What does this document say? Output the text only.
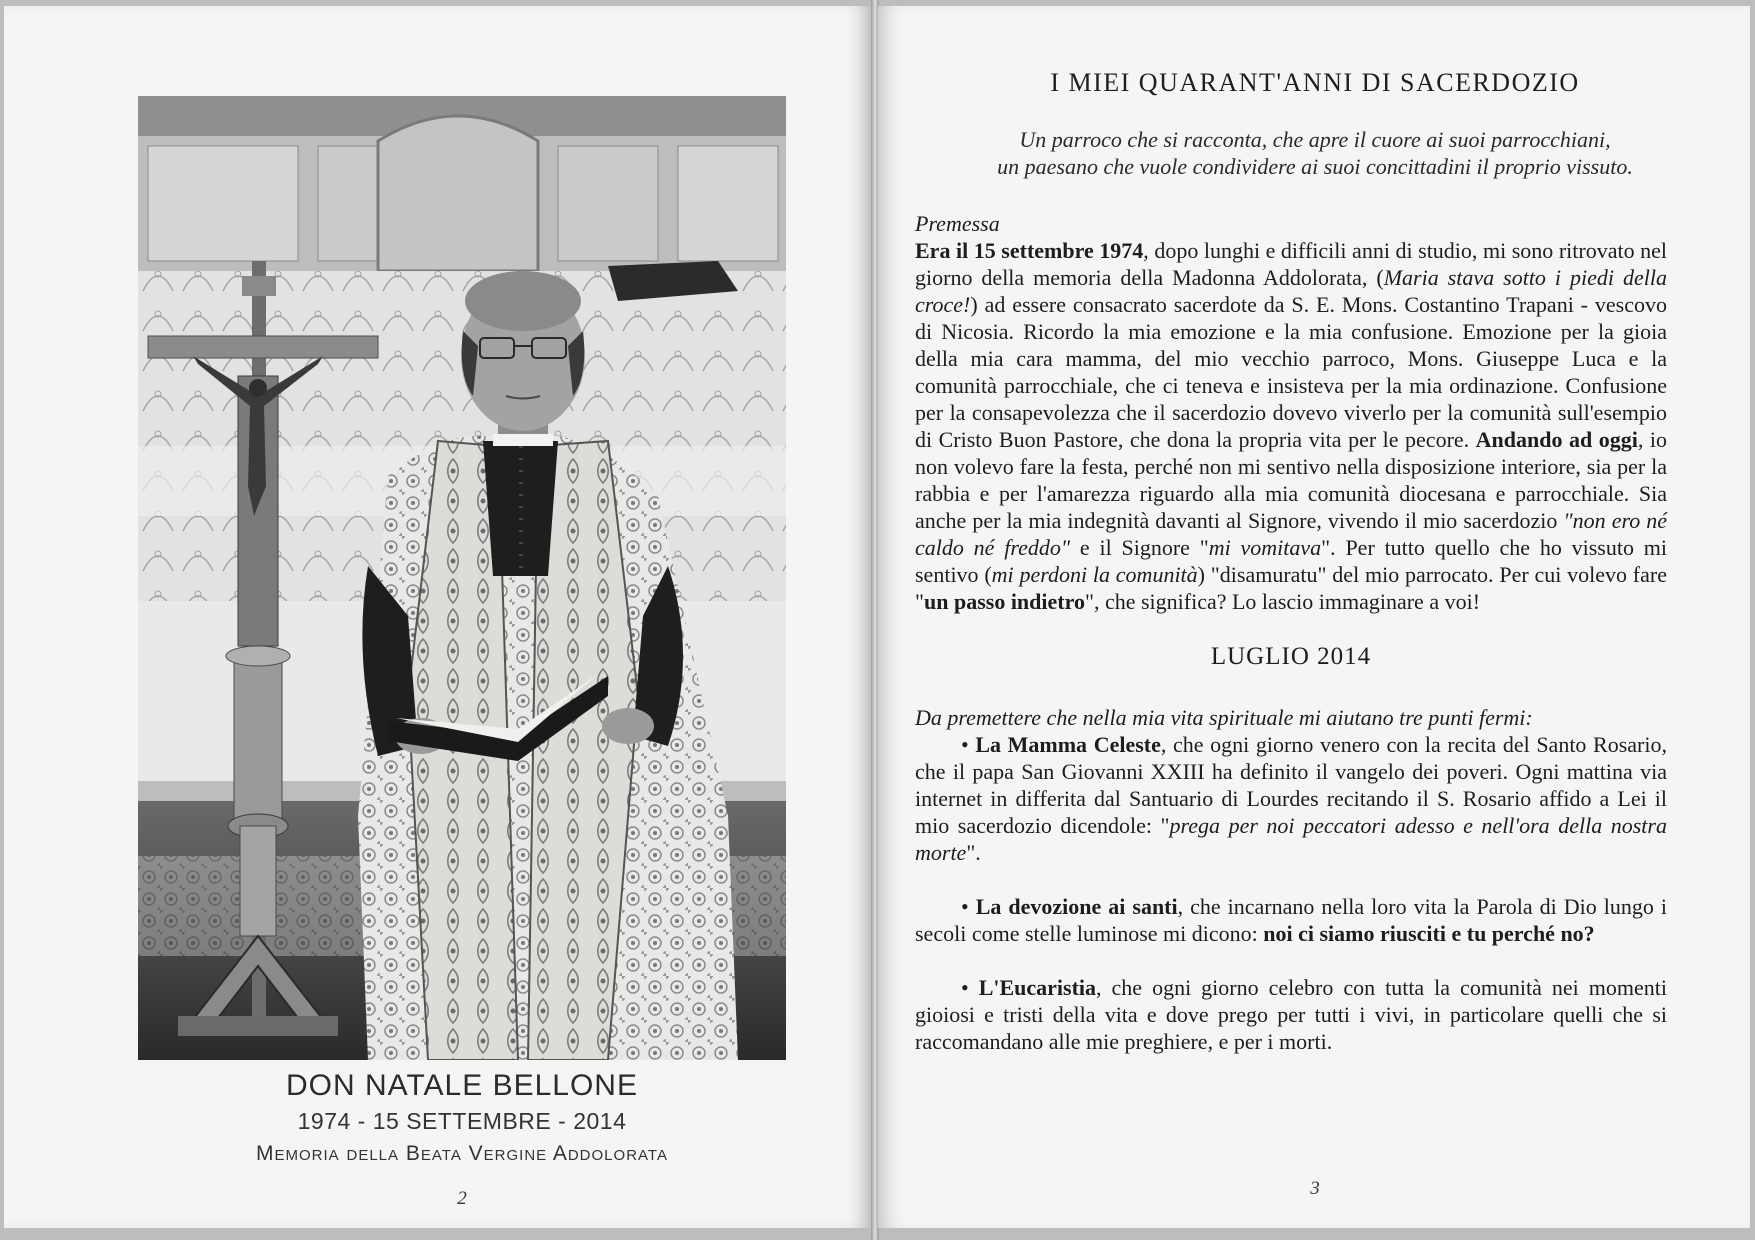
DON NATALE BELLONE
1974 - 15 SETTEMBRE - 2014
Memoria della Beata Vergine Addolorata
2
I MIEI QUARANT'ANNI DI SACERDOZIO
Un parroco che si racconta, che apre il cuore ai suoi parrocchiani,
un paesano che vuole condividere ai suoi concittadini il proprio vissuto.

Premessa

Era il 15 settembre 1974, dopo lunghi e difficili anni di studio, mi sono ritrovato nel giorno della memoria della Madonna Addolorata, (Maria stava sotto i piedi della croce!) ad essere consacrato sacerdote da S. E. Mons. Costantino Trapani - vescovo di Nicosia. Ricordo la mia emozione e la mia confusione. Emozione per la gioia della mia cara mamma, del mio vecchio parroco, Mons. Giuseppe Luca e la comunità parrocchiale, che ci teneva e insisteva per la mia ordinazione. Confusione per la consapevolezza che il sacerdozio dovevo viverlo per la comunità sull'esempio di Cristo Buon Pastore, che dona la propria vita per le pecore. Andando ad oggi, io non volevo fare la festa, perché non mi sentivo nella disposizione interiore, sia per la rabbia e per l'amarezza riguardo alla mia comunità diocesana e parrocchiale. Sia anche per la mia indegnità davanti al Signore, vivendo il mio sacerdozio "non ero né caldo né freddo" e il Signore "mi vomitava". Per tutto quello che ho vissuto mi sentivo (mi perdoni la comunità) "disamuratu" del mio parrocato. Per cui volevo fare "un passo indietro", che significa? Lo lascio immaginare a voi!

LUGLIO 2014

Da premettere che nella mia vita spirituale mi aiutano tre punti fermi:

• La Mamma Celeste, che ogni giorno venero con la recita del Santo Rosario, che il papa San Giovanni XXIII ha definito il vangelo dei poveri. Ogni mattina via internet in differita dal Santuario di Lourdes recitando il S. Rosario affido a Lei il mio sacerdozio dicendole: "prega per noi peccatori adesso e nell'ora della nostra morte".

• La devozione ai santi, che incarnano nella loro vita la Parola di Dio lungo i secoli come stelle luminose mi dicono: noi ci siamo riusciti e tu perché no?

• L'Eucaristia, che ogni giorno celebro con tutta la comunità nei momenti gioiosi e tristi della vita e dove prego per tutti i vivi, in particolare quelli che si raccomandano alle mie preghiere, e per i morti.

3
